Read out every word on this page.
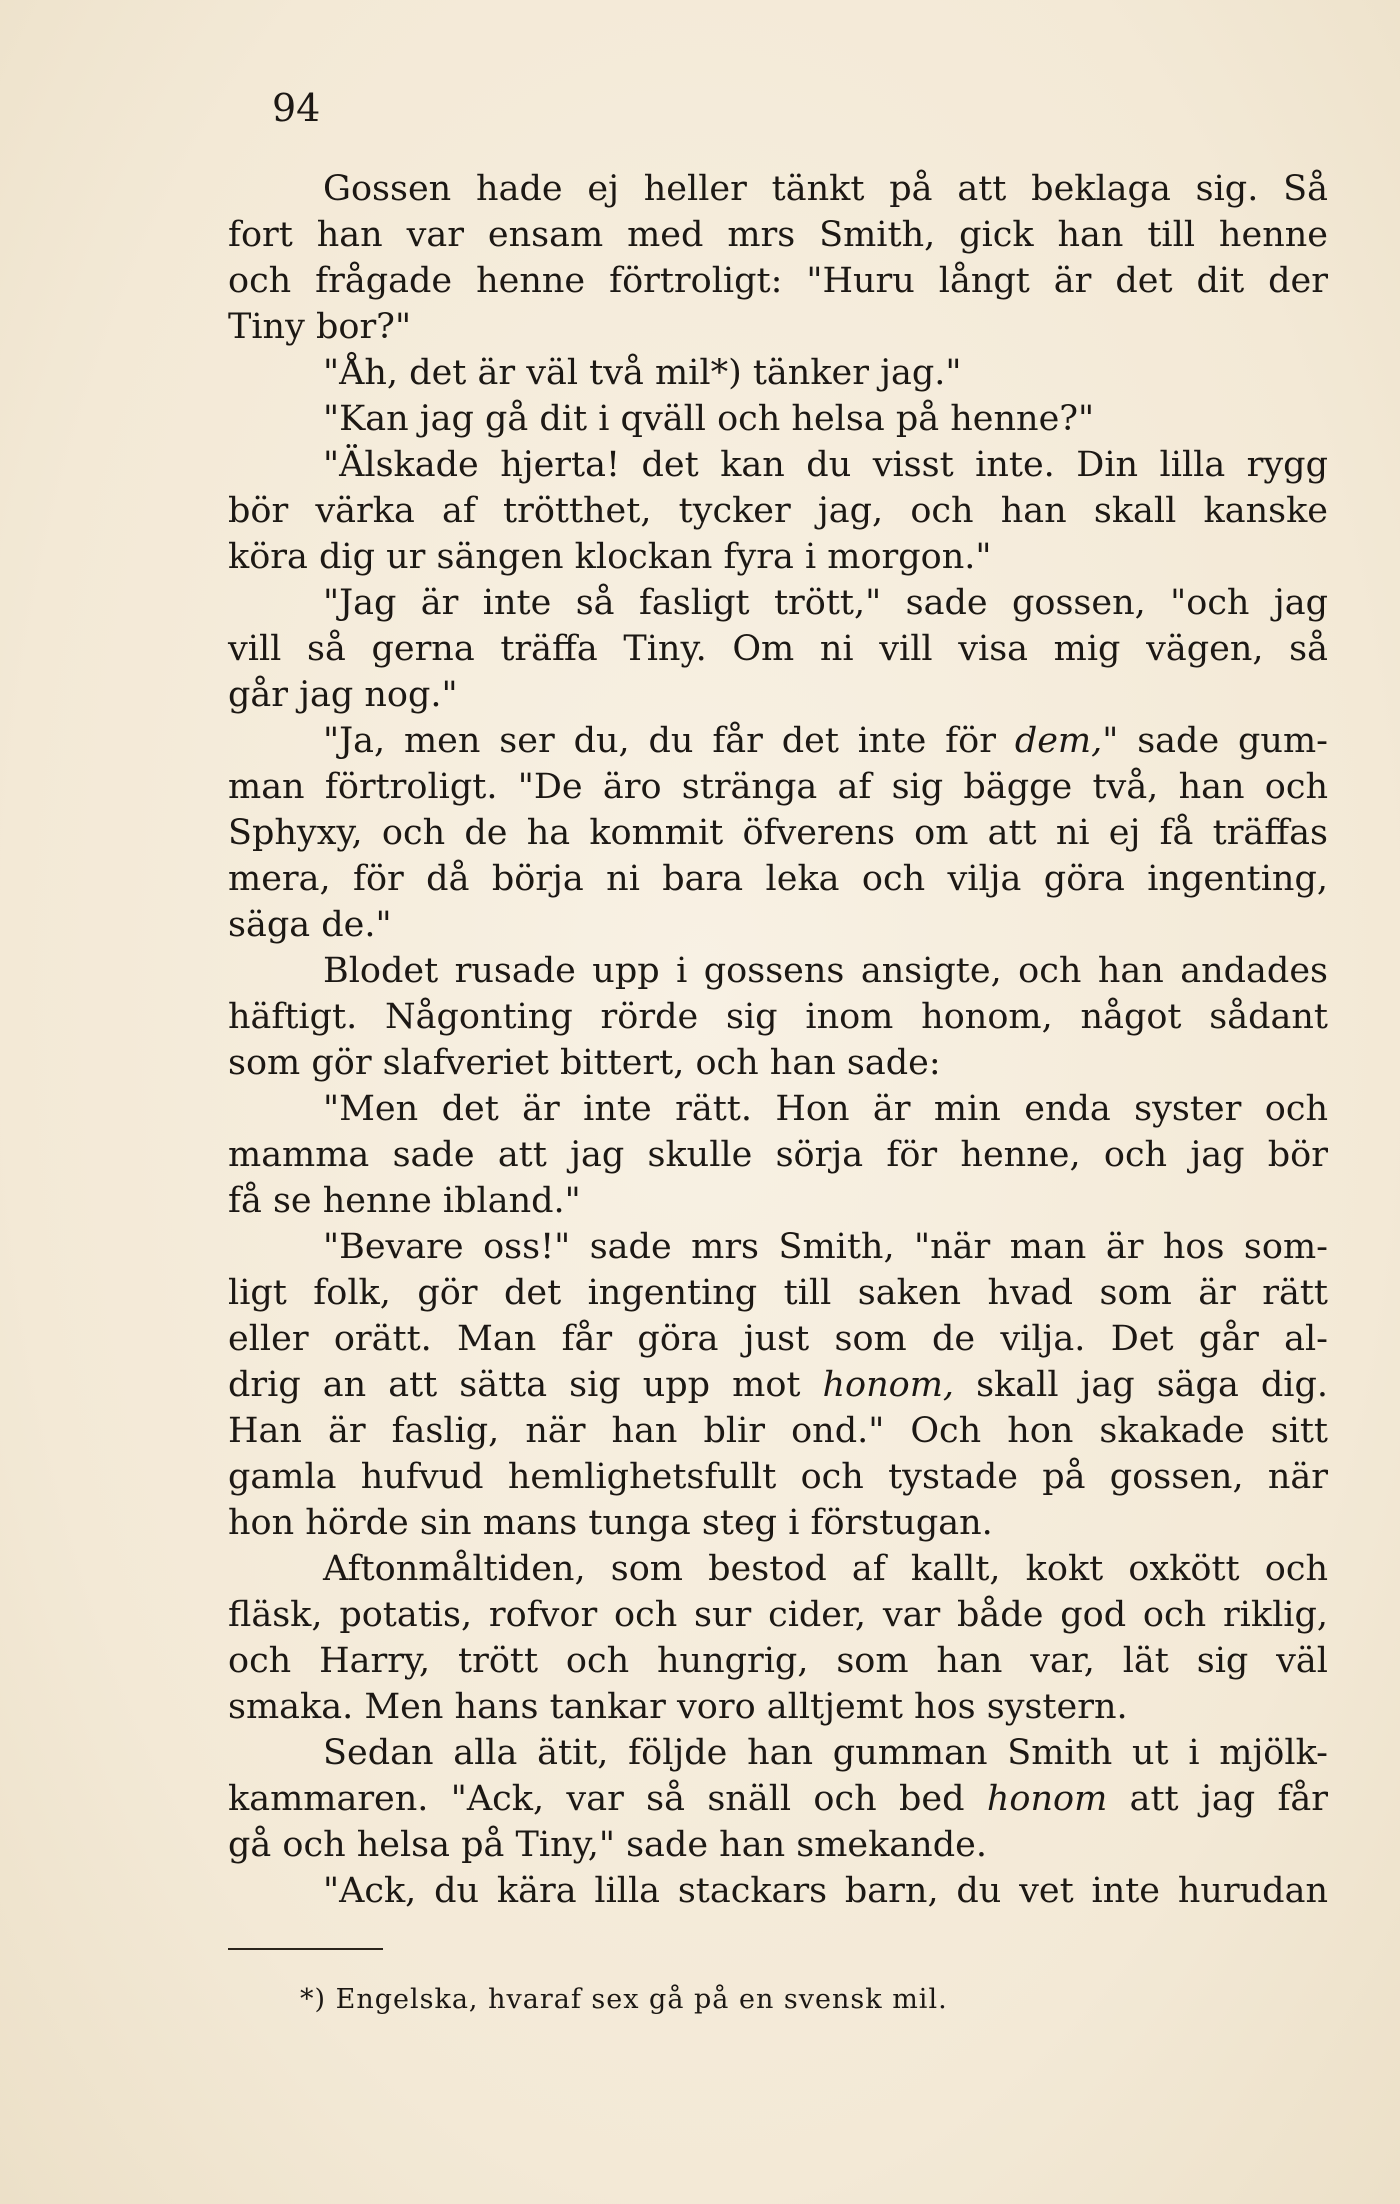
94
Gossen hade ej heller tänkt på att beklaga sig. Så
fort han var ensam med mrs Smith, gick han till henne
och frågade henne förtroligt: "Huru långt är det dit der
Tiny bor?"
"Åh, det är väl två mil*) tänker jag."
"Kan jag gå dit i qväll och helsa på henne?"
"Älskade hjerta! det kan du visst inte. Din lilla rygg
bör värka af trötthet, tycker jag, och han skall kanske
köra dig ur sängen klockan fyra i morgon."
"Jag är inte så fasligt trött," sade gossen, "och jag
vill så gerna träffa Tiny. Om ni vill visa mig vägen, så
går jag nog."
"Ja, men ser du, du får det inte för dem," sade gum-
man förtroligt. "De äro stränga af sig bägge två, han och
Sphyxy, och de ha kommit öfverens om att ni ej få träffas
mera, för då börja ni bara leka och vilja göra ingenting,
säga de."
Blodet rusade upp i gossens ansigte, och han andades
häftigt. Någonting rörde sig inom honom, något sådant
som gör slafveriet bittert, och han sade:
"Men det är inte rätt. Hon är min enda syster och
mamma sade att jag skulle sörja för henne, och jag bör
få se henne ibland."
"Bevare oss!" sade mrs Smith, "när man är hos som-
ligt folk, gör det ingenting till saken hvad som är rätt
eller orätt. Man får göra just som de vilja. Det går al-
drig an att sätta sig upp mot honom, skall jag säga dig.
Han är faslig, när han blir ond." Och hon skakade sitt
gamla hufvud hemlighetsfullt och tystade på gossen, när
hon hörde sin mans tunga steg i förstugan.
Aftonmåltiden, som bestod af kallt, kokt oxkött och
fläsk, potatis, rofvor och sur cider, var både god och riklig,
och Harry, trött och hungrig, som han var, lät sig väl
smaka. Men hans tankar voro alltjemt hos systern.
Sedan alla ätit, följde han gumman Smith ut i mjölk-
kammaren. "Ack, var så snäll och bed honom att jag får
gå och helsa på Tiny," sade han smekande.
"Ack, du kära lilla stackars barn, du vet inte hurudan
*) Engelska, hvaraf sex gå på en svensk mil.
